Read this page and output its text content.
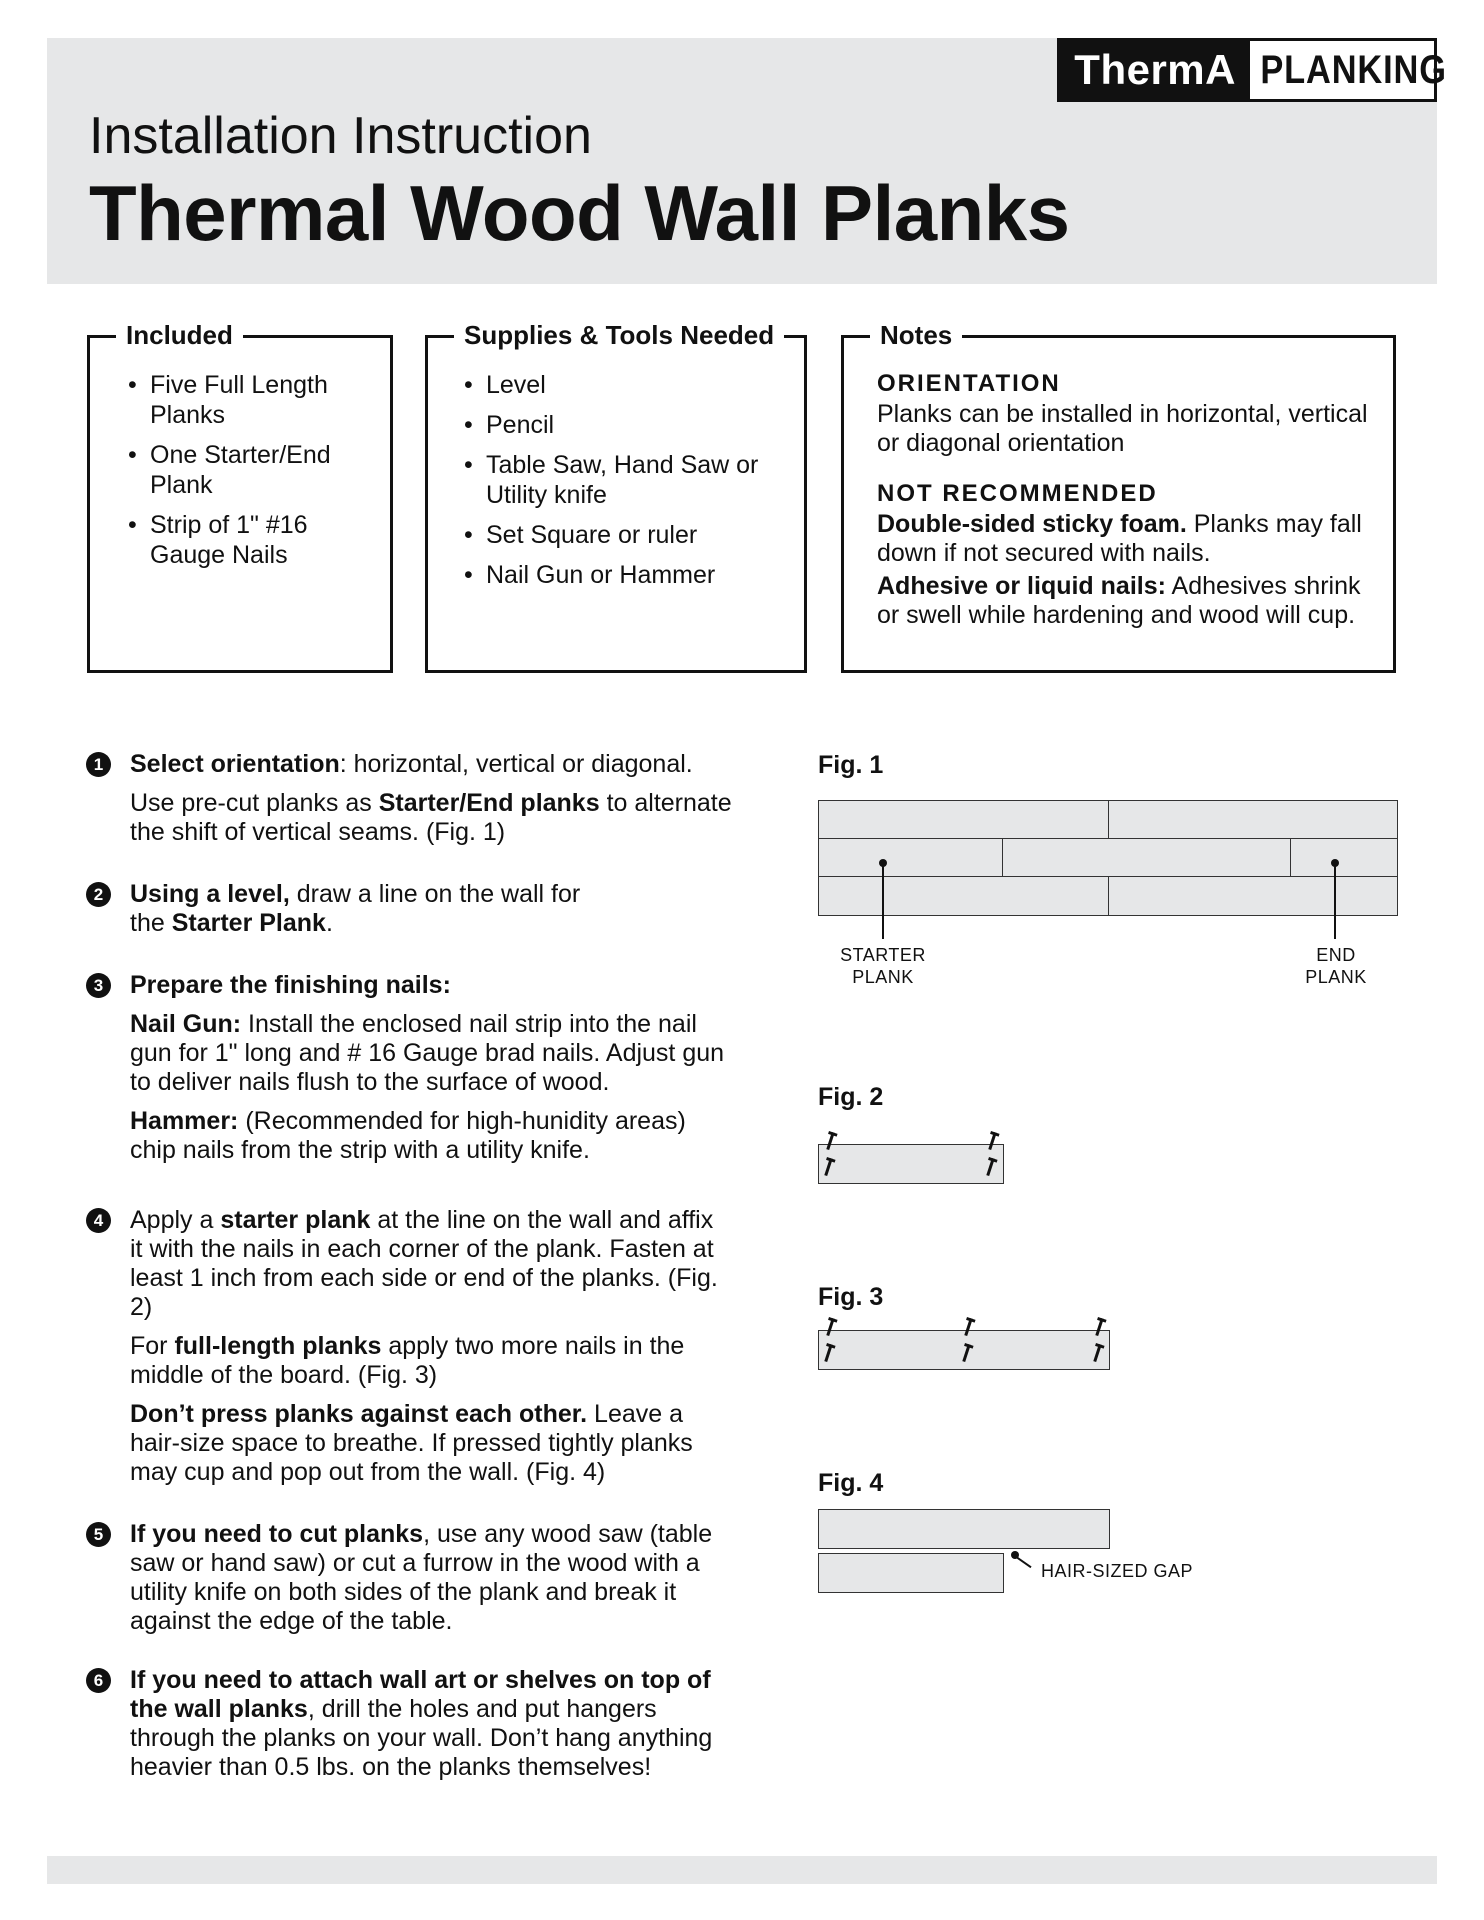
ThermA PLANKING
Installation Instruction
Thermal Wood Wall Planks
Included
• Five Full Length Planks
• One Starter/End Plank
• Strip of 1" #16 Gauge Nails
Supplies & Tools Needed
• Level
• Pencil
• Table Saw, Hand Saw or Utility knife
• Set Square or ruler
• Nail Gun or Hammer
Notes
ORIENTATION
Planks can be installed in horizontal, vertical or diagonal orientation
NOT RECOMMENDED
Double-sided sticky foam. Planks may fall down if not secured with nails.
Adhesive or liquid nails: Adhesives shrink or swell while hardening and wood will cup.
1	Select orientation: horizontal, vertical or diagonal.

Use pre-cut planks as Starter/End planks to alternate the shift of vertical seams. (Fig. 1)

2	Using a level, draw a line on the wall for the Starter Plank.

3	Prepare the finishing nails:

Nail Gun: Install the enclosed nail strip into the nail gun for 1" long and # 16 Gauge brad nails. Adjust gun to deliver nails flush to the surface of wood.

Hammer: (Recommended for high-hunidity areas) chip nails from the strip with a utility knife.

4	Apply a starter plank at the line on the wall and affix it with the nails in each corner of the plank. Fasten at least 1 inch from each side or end of the planks. (Fig. 2)

For full-length planks apply two more nails in the middle of the board. (Fig. 3)

Don’t press planks against each other. Leave a hair-size space to breathe. If pressed tightly planks may cup and pop out from the wall. (Fig. 4)

5	If you need to cut planks, use any wood saw (table saw or hand saw) or cut a furrow in the wood with a utility knife on both sides of the plank and break it against the edge of the table.

6	If you need to attach wall art or shelves on top of the wall planks, drill the holes and put hangers through the planks on your wall. Don’t hang anything heavier than 0.5 lbs. on the planks themselves!

Fig. 1
STARTER
PLANK
END
PLANK
Fig. 2
Fig. 3
Fig. 4
HAIR-SIZED GAP
